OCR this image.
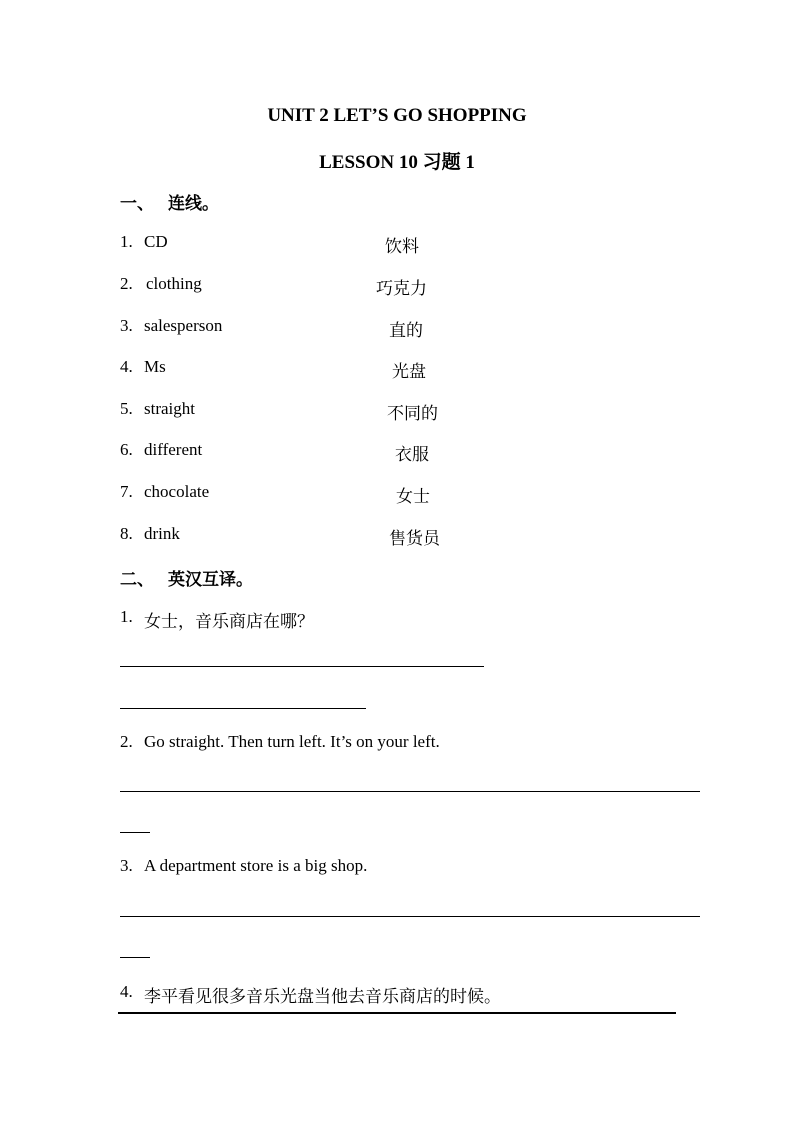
UNIT 2 LET’S GO SHOPPING
LESSON 10 习题 1
一、 连线。
1. CD	饮料
2. clothing	巧克力
3. salesperson	直的
4. Ms	光盘
5. straight	不同的
6. different	衣服
7. chocolate	女士
8. drink	售货员
二、 英汉互译。
1. 女士，音乐商店在哪？
2. Go straight. Then turn left. It’s on your left.
3. A department store is a big shop.
4. 李平看见很多音乐光盘当他去音乐商店的时候。
